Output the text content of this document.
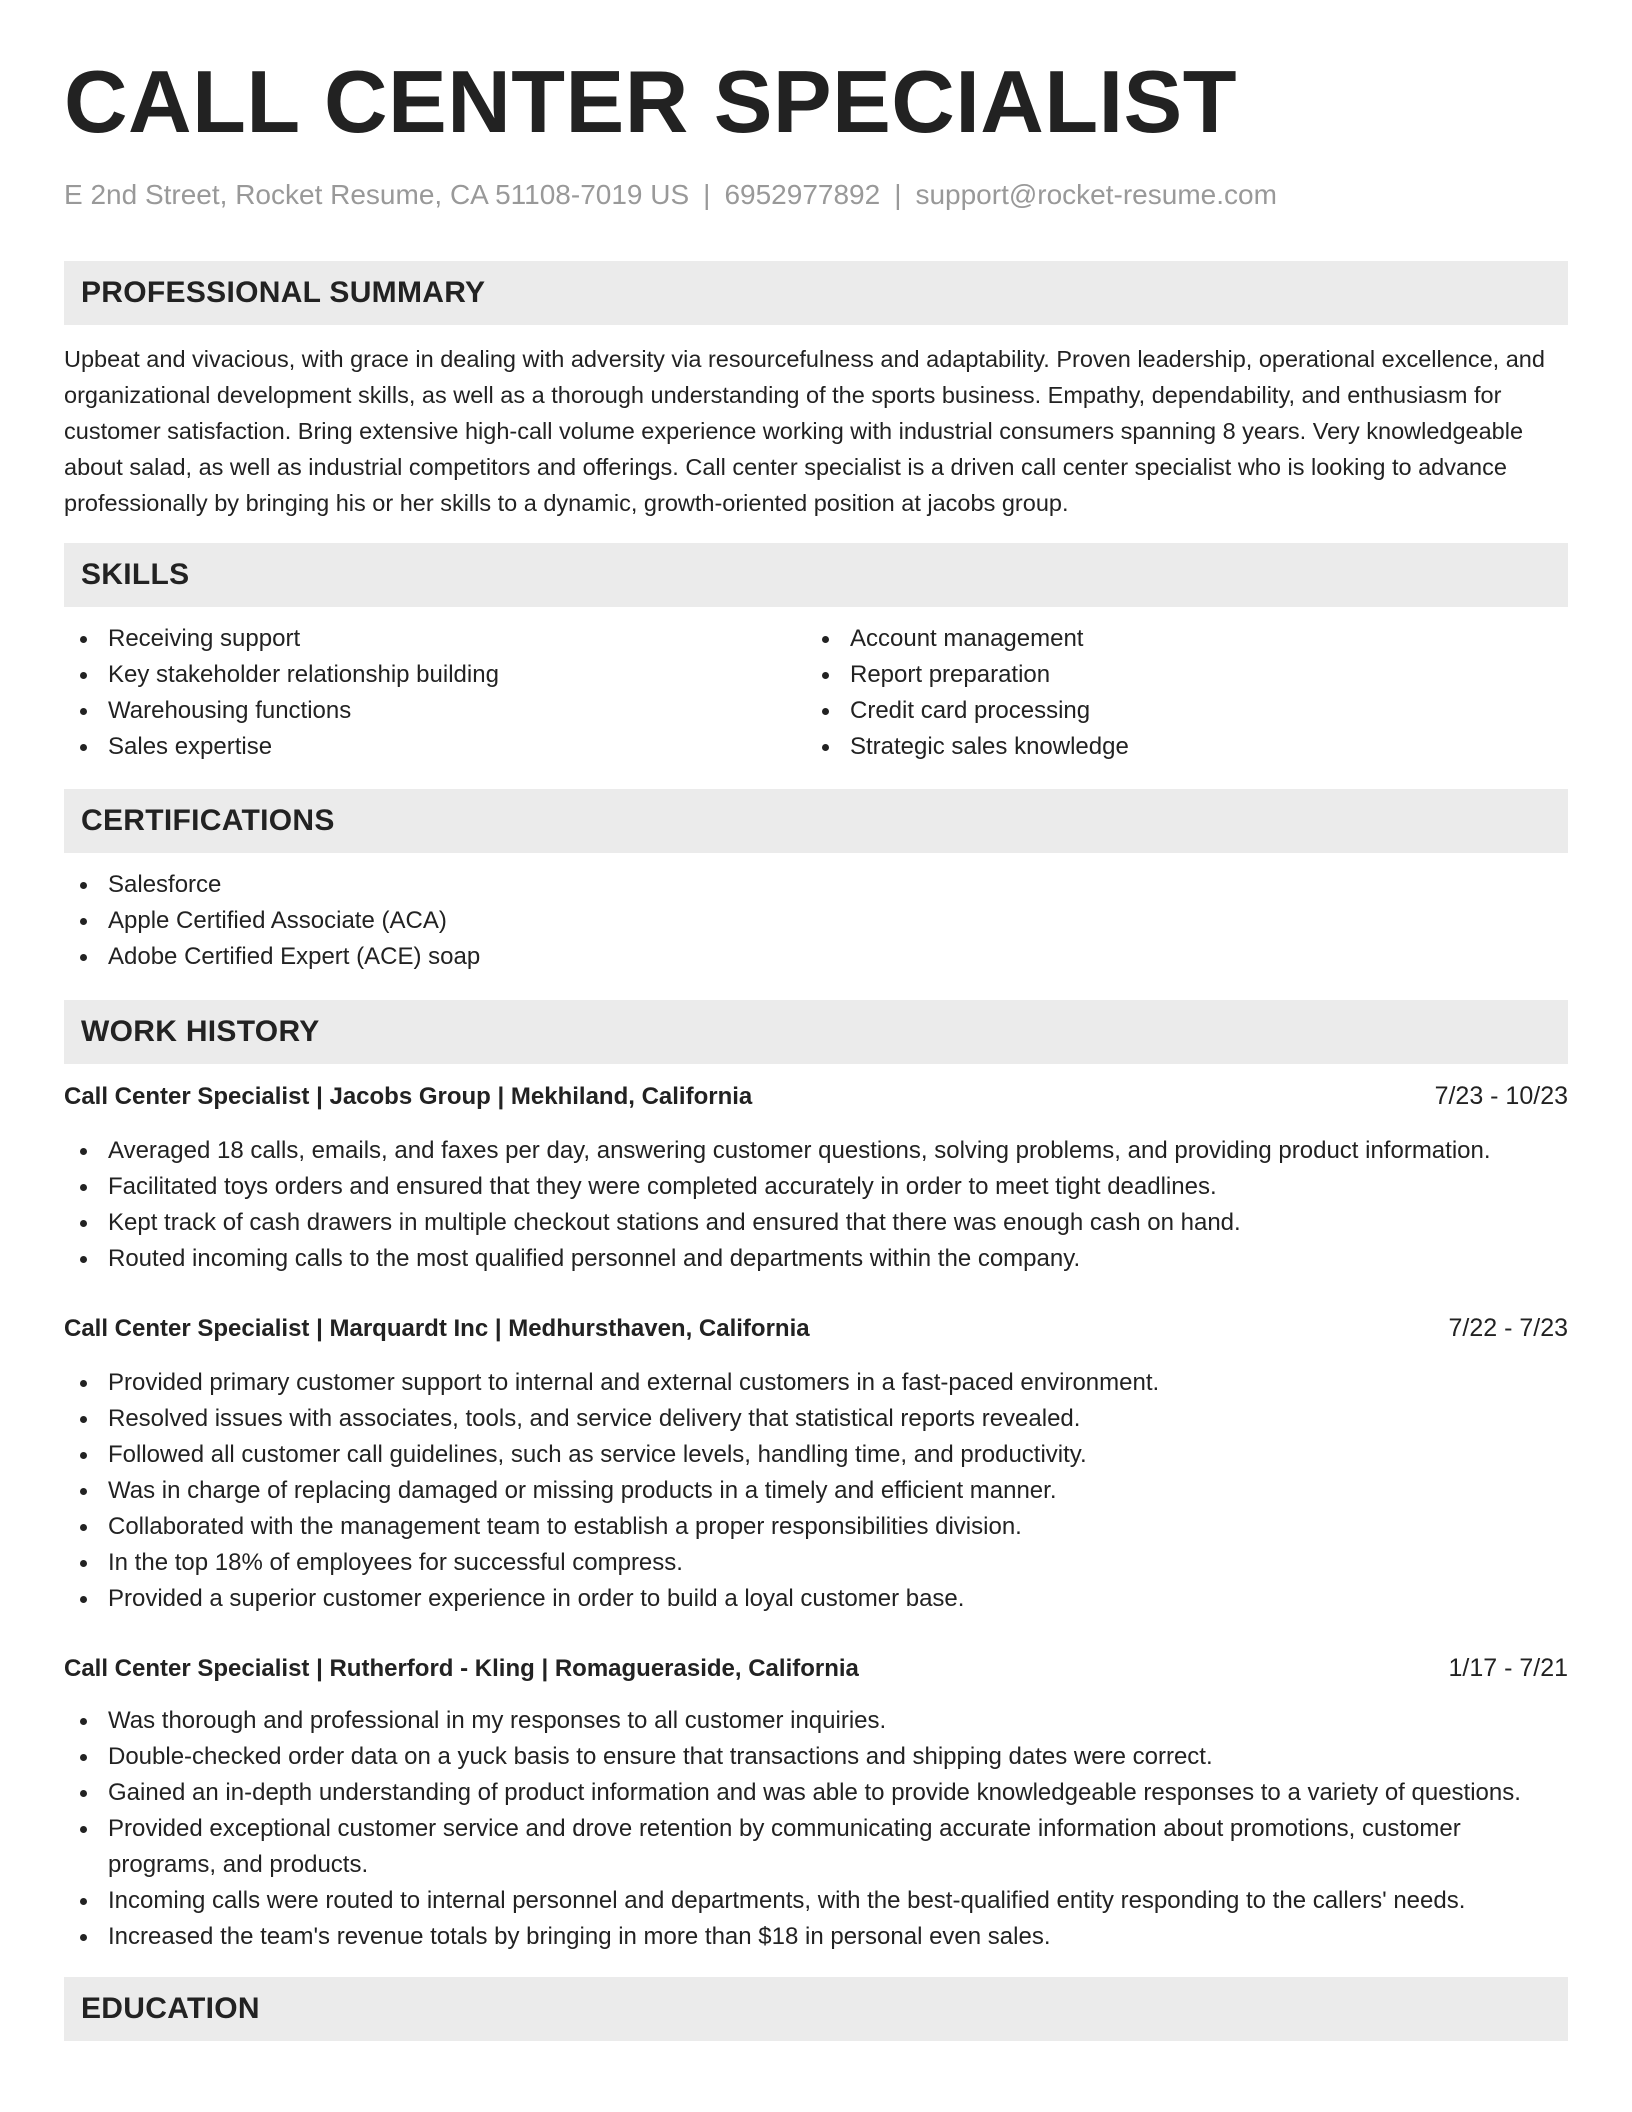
CALL CENTER SPECIALIST
E 2nd Street, Rocket Resume, CA 51108-7019 US | 6952977892 | support@rocket-resume.com
PROFESSIONAL SUMMARY

Upbeat and vivacious, with grace in dealing with adversity via resourcefulness and adaptability. Proven leadership, operational excellence, and organizational development skills, as well as a thorough understanding of the sports business. Empathy, dependability, and enthusiasm for customer satisfaction. Bring extensive high-call volume experience working with industrial consumers spanning 8 years. Very knowledgeable about salad, as well as industrial competitors and offerings. Call center specialist is a driven call center specialist who is looking to advance professionally by bringing his or her skills to a dynamic, growth-oriented position at jacobs group.

SKILLS
Receiving support
Key stakeholder relationship building
Warehousing functions
Sales expertise
Account management
Report preparation
Credit card processing
Strategic sales knowledge
CERTIFICATIONS
Salesforce
Apple Certified Associate (ACA)
Adobe Certified Expert (ACE) soap
WORK HISTORY
Call Center Specialist | Jacobs Group | Mekhiland, California	7/23 - 10/23
Averaged 18 calls, emails, and faxes per day, answering customer questions, solving problems, and providing product information.
Facilitated toys orders and ensured that they were completed accurately in order to meet tight deadlines.
Kept track of cash drawers in multiple checkout stations and ensured that there was enough cash on hand.
Routed incoming calls to the most qualified personnel and departments within the company.
Call Center Specialist | Marquardt Inc | Medhursthaven, California	7/22 - 7/23
Provided primary customer support to internal and external customers in a fast-paced environment.
Resolved issues with associates, tools, and service delivery that statistical reports revealed.
Followed all customer call guidelines, such as service levels, handling time, and productivity.
Was in charge of replacing damaged or missing products in a timely and efficient manner.
Collaborated with the management team to establish a proper responsibilities division.
In the top 18% of employees for successful compress.
Provided a superior customer experience in order to build a loyal customer base.
Call Center Specialist | Rutherford - Kling | Romagueraside, California	1/17 - 7/21
Was thorough and professional in my responses to all customer inquiries.
Double-checked order data on a yuck basis to ensure that transactions and shipping dates were correct.
Gained an in-depth understanding of product information and was able to provide knowledgeable responses to a variety of questions.
Provided exceptional customer service and drove retention by communicating accurate information about promotions, customer programs, and products.
Incoming calls were routed to internal personnel and departments, with the best-qualified entity responding to the callers' needs.
Increased the team's revenue totals by bringing in more than $18 in personal even sales.
EDUCATION
